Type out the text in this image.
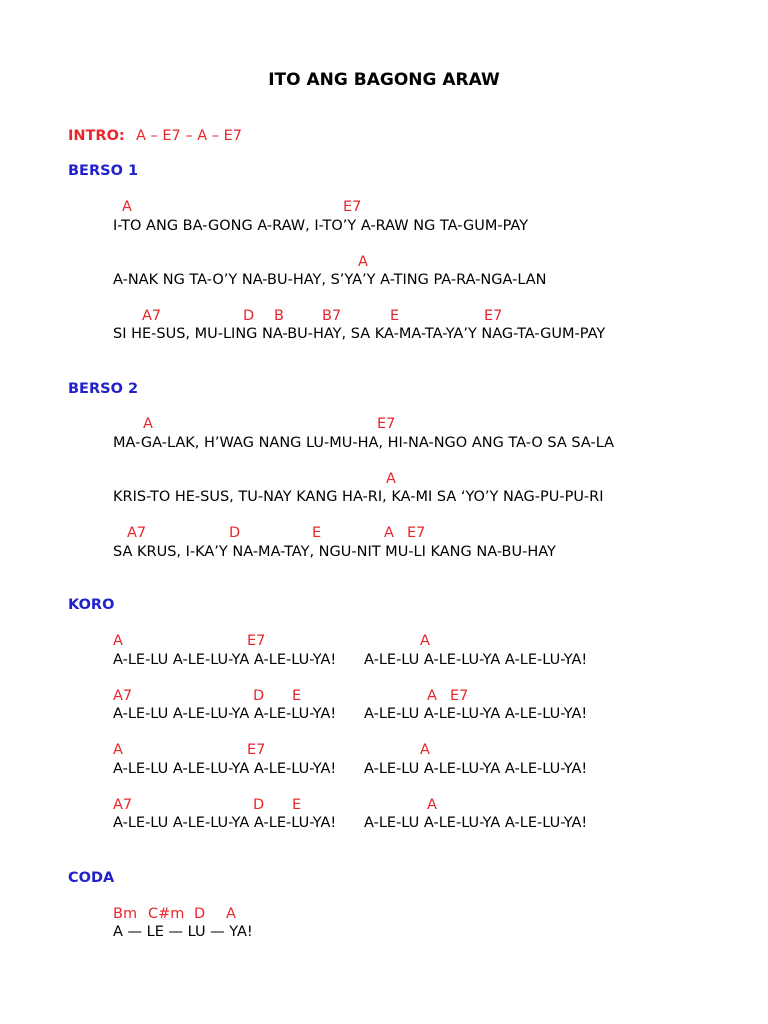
ITO ANG BAGONG ARAW
INTRO: A – E7 – A – E7
BERSO 1
A	E7
I-TO ANG BA-GONG A-RAW, I-TO’Y A-RAW NG TA-GUM-PAY
A
A-NAK NG TA-O’Y NA-BU-HAY, S’YA’Y A-TING PA-RA-NGA-LAN
A7	D B	B7	E	E7
SI HE-SUS, MU-LING NA-BU-HAY, SA KA-MA-TA-YA’Y NAG-TA-GUM-PAY
BERSO 2
A	E7
MA-GA-LAK, H’WAG NANG LU-MU-HA, HI-NA-NGO ANG TA-O SA SA-LA
A
KRIS-TO HE-SUS, TU-NAY KANG HA-RI, KA-MI SA ‘YO’Y NAG-PU-PU-RI
A7	D	E	A E7
SA KRUS, I-KA’Y NA-MA-TAY, NGU-NIT MU-LI KANG NA-BU-HAY
KORO
A	E7	A
A-LE-LU A-LE-LU-YA A-LE-LU-YA! A-LE-LU A-LE-LU-YA A-LE-LU-YA!
A7	D E	A E7
A-LE-LU A-LE-LU-YA A-LE-LU-YA! A-LE-LU A-LE-LU-YA A-LE-LU-YA!
A	E7	A
A-LE-LU A-LE-LU-YA A-LE-LU-YA! A-LE-LU A-LE-LU-YA A-LE-LU-YA!
A7	D E	A
A-LE-LU A-LE-LU-YA A-LE-LU-YA! A-LE-LU A-LE-LU-YA A-LE-LU-YA!
CODA
Bm C#m D A
A — LE — LU — YA!
